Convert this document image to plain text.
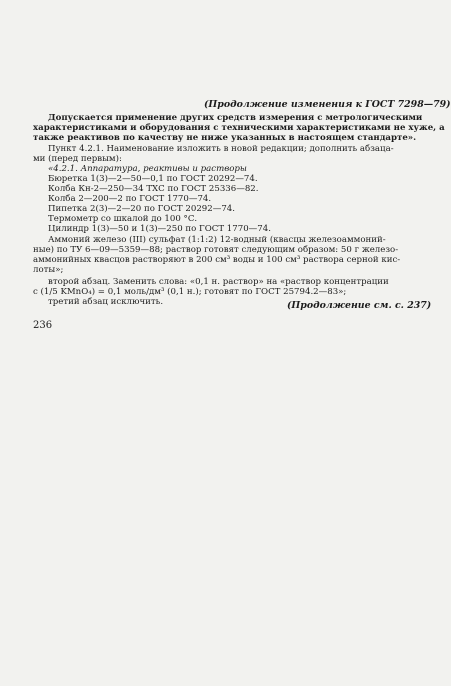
(Продолжение изменения к ГОСТ 7298—79)

Допускается применение других средств измерения с метрологическими

характеристиками и оборудования с техническими характеристиками не хуже, а

также реактивов по качеству не ниже указанных в настоящем стандарте».

Пункт 4.2.1. Наименование изложить в новой редакции; дополнить абзаца-

ми (перед первым):

«4.2.1. Аппаратура, реактивы и растворы

Бюретка 1(3)—2—50—0,1 по ГОСТ 20292—74.

Колба Кн-2—250—34 ТХС по ГОСТ 25336—82.

Колба 2—200—2 по ГОСТ 1770—74.

Пипетка 2(3)—2—20 по ГОСТ 20292—74.

Термометр со шкалой до 100 °С.

Цилиндр 1(3)—50 и 1(3)—250 по ГОСТ 1770—74.

Аммоний железо (III) сульфат (1:1:2) 12-водный (квасцы железоаммоний-

ные) по ТУ 6—09—5359—88; раствор готовят следующим образом: 50 г железо-

аммонийных квасцов растворяют в 200 см³ воды и 100 см³ раствора серной кис-

лоты»;

второй абзац. Заменить слова: «0,1 н. раствор» на «раствор концентрации

c (1/5 KMnO₄) = 0,1 моль/дм³ (0,1 н.); готовят по ГОСТ 25794.2—83»;

третий абзац исключить.	(Продолжение см. с. 237)

236
